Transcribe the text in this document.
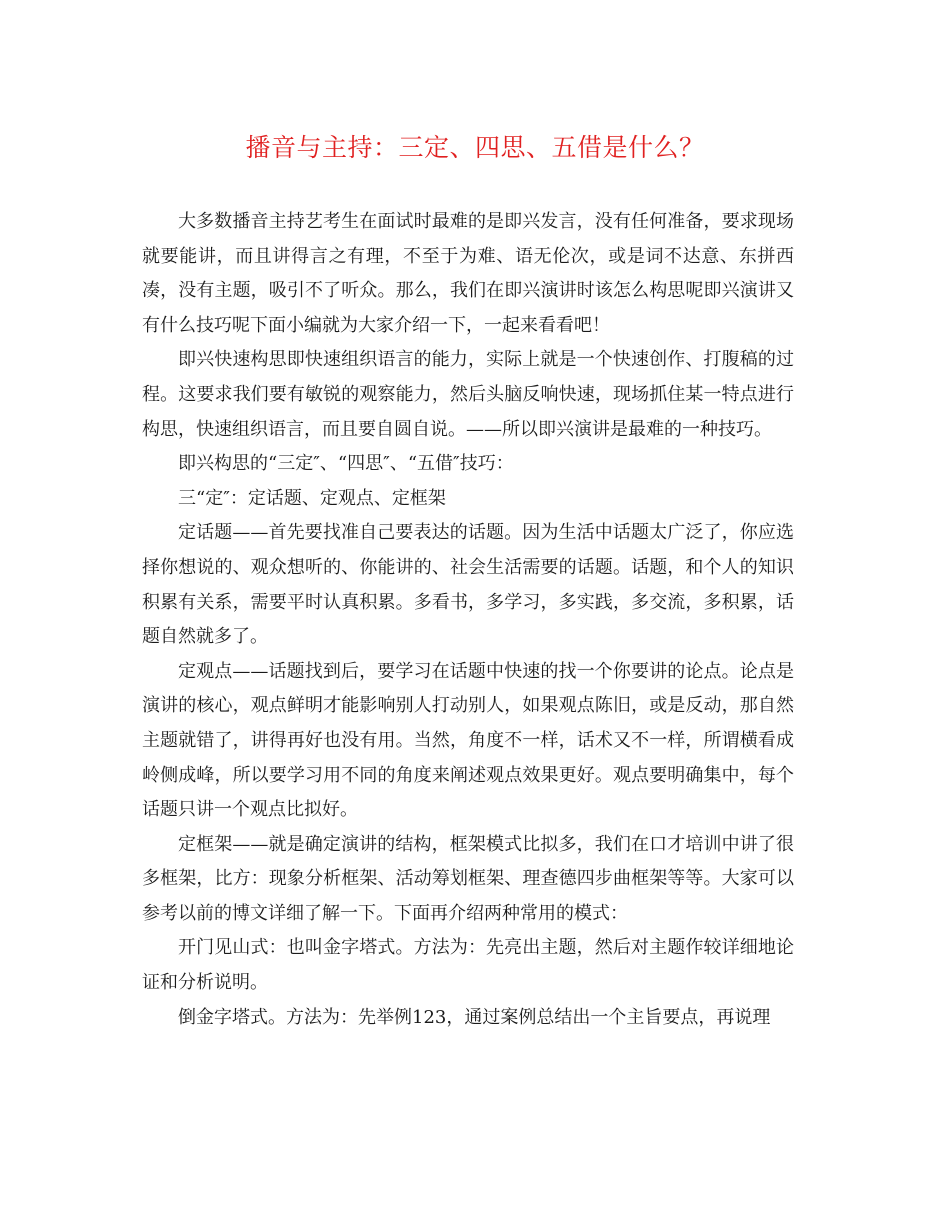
播音与主持：三定、四思、五借是什么？

大多数播音主持艺考生在面试时最难的是即兴发言，没有任何准备，要求现场就要能讲，而且讲得言之有理，不至于为难、语无伦次，或是词不达意、东拼西凑，没有主题，吸引不了听众。那么，我们在即兴演讲时该怎么构思呢即兴演讲又有什么技巧呢下面小编就为大家介绍一下，一起来看看吧！

即兴快速构思即快速组织语言的能力，实际上就是一个快速创作、打腹稿的过程。这要求我们要有敏锐的观察能力，然后头脑反响快速，现场抓住某一特点进行构思，快速组织语言，而且要自圆自说。——所以即兴演讲是最难的一种技巧。

即兴构思的“三定″、“四思″、“五借″技巧：

三“定″：定话题、定观点、定框架

定话题——首先要找准自己要表达的话题。因为生活中话题太广泛了，你应选择你想说的、观众想听的、你能讲的、社会生活需要的话题。话题，和个人的知识积累有关系，需要平时认真积累。多看书，多学习，多实践，多交流，多积累，话题自然就多了。

定观点——话题找到后，要学习在话题中快速的找一个你要讲的论点。论点是演讲的核心，观点鲜明才能影响别人打动别人，如果观点陈旧，或是反动，那自然主题就错了，讲得再好也没有用。当然，角度不一样，话术又不一样，所谓横看成岭侧成峰，所以要学习用不同的角度来阐述观点效果更好。观点要明确集中，每个话题只讲一个观点比拟好。

定框架——就是确定演讲的结构，框架模式比拟多，我们在口才培训中讲了很多框架，比方：现象分析框架、活动筹划框架、理查德四步曲框架等等。大家可以参考以前的博文详细了解一下。下面再介绍两种常用的模式：

开门见山式：也叫金字塔式。方法为：先亮出主题，然后对主题作较详细地论证和分析说明。

倒金字塔式。方法为：先举例123，通过案例总结出一个主旨要点，再说理
